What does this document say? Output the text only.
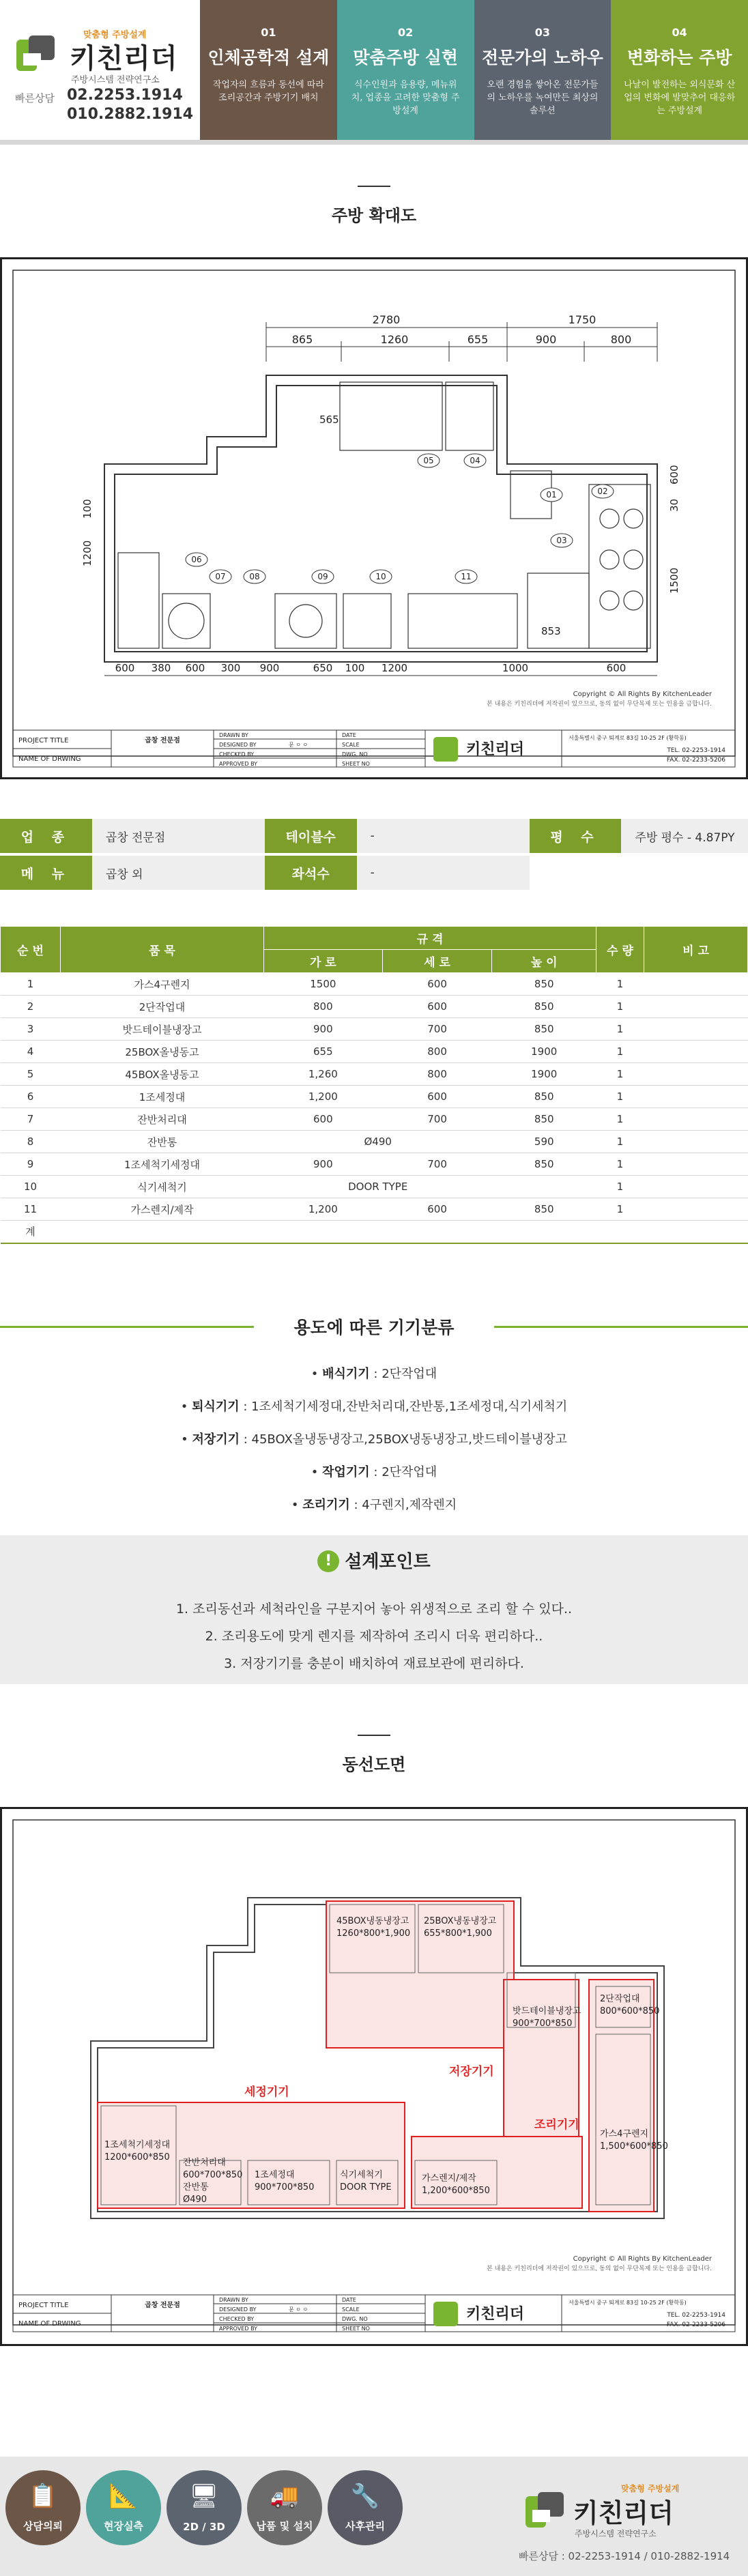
맞춤형 주방설계
키친리더
주방시스템 전략연구소
빠른상담 02.2253.1914
010.2882.1914
01
인체공학적 설계
작업자의 흐름과 동선에 따라 조리공간과 주방기기 배치
02
맞춤주방 실현
식수인원과 음용량, 메뉴위치, 업종을 고려한 맞춤형 주방설계
03
전문가의 노하우
오랜 경험을 쌓아온 전문가들의 노하우를 녹여만든 최상의 솔루션
04
변화하는 주방
나날이 발전하는 외식문화 산업의 변화에 발맞추어 대응하는 주방설계
주방 확대도
2780	1750
865	1260	655	900	800
01	02
03
04
05
06
07	08	09	10	11
565
853
1200
100
1500
600
30
600 380 600 300 900	650 100 1200	1000	600
Copyright © All Rights By KitchenLeader
본 내용은 키친리더에 저작권이 있으므로, 동의 없이 무단복제 또는 인용을 금합니다.
PROJECT TITLE
NAME OF DRWING
곱창 전문점
DRAWN BY
DESIGNED BY
CHECKED BY
APPROVED BY
문 ㅇ ㅇ
DATE
SCALE
DWG. NO
SHEET NO
키친리더
서울특별시 중구 퇴계로 83길 10-25 2F (황학동)
TEL. 02-2253-1914
FAX. 02-2233-5206
업 종	곱창 전문점	테이블수	-	평 수	주방 평수 - 4.87PY
메 뉴	곱창 외	좌석수	-
순 번	품 목	규 격			수 량	비 고
		가 로	세 로	높 이		
1	가스4구렌지	1500	600	850	1	
2	2단작업대	800	600	850	1	
3	밧드테이블냉장고	900	700	850	1	
4	25BOX올냉동고	655	800	1900	1	
5	45BOX올냉동고	1,260	800	1900	1	
6	1조세정대	1,200	600	850	1	
7	잔반처리대	600	700	850	1	
8	잔반통	Ø490		590	1	
9	1조세척기세정대	900	700	850	1	
10	식기세척기	DOOR TYPE			1	
11	가스렌지/제작	1,200	600	850	1	
계						
용도에 따른 기기분류
• 배식기기 : 2단작업대
• 퇴식기기 : 1조세척기세정대,잔반처리대,잔반통,1조세정대,식기세척기
• 저장기기 : 45BOX올냉동냉장고,25BOX냉동냉장고,밧드테이블냉장고
• 작업기기 : 2단작업대
• 조리기기 : 4구렌지,제작렌지
! 설계포인트
1. 조리동선과 세척라인을 구분지어 놓아 위생적으로 조리 할 수 있다..
2. 조리용도에 맞게 렌지를 제작하여 조리시 더욱 편리하다..
3. 저장기기를 충분이 배치하여 재료보관에 편리하다.
동선도면
45BOX냉동냉장고
1260*800*1,900
25BOX냉동냉장고
655*800*1,900
밧드테이블냉장고
900*700*850
2단작업대
800*600*850
가스4구렌지
1,500*600*850
1조세척기세정대
1200*600*850
잔반처리대
600*700*850
잔반통
Ø490
1조세정대
900*700*850
식기세척기
DOOR TYPE
가스렌지/제작
1,200*600*850
저장기기
세정기기
조리기기
Copyright © All Rights By KitchenLeader
본 내용은 키친리더에 저작권이 있으므로, 동의 없이 무단복제 또는 인용을 금합니다.
PROJECT TITLE
NAME OF DRWING
곱창 전문점
DRAWN BY
DESIGNED BY
CHECKED BY
APPROVED BY
문 ㅇ ㅇ
DATE
SCALE
DWG. NO
SHEET NO
키친리더
서울특별시 중구 퇴계로 83길 10-25 2F (황학동)
TEL. 02-2253-1914
FAX. 02-2233-5206
📋
상담의뢰
📐
현장실측
🖥
2D / 3D
🚚
납품 및 설치
🔧
사후관리
맞춤형 주방설계
키친리더
주방시스템 전략연구소
빠른상담 : 02-2253-1914 / 010-2882-1914
